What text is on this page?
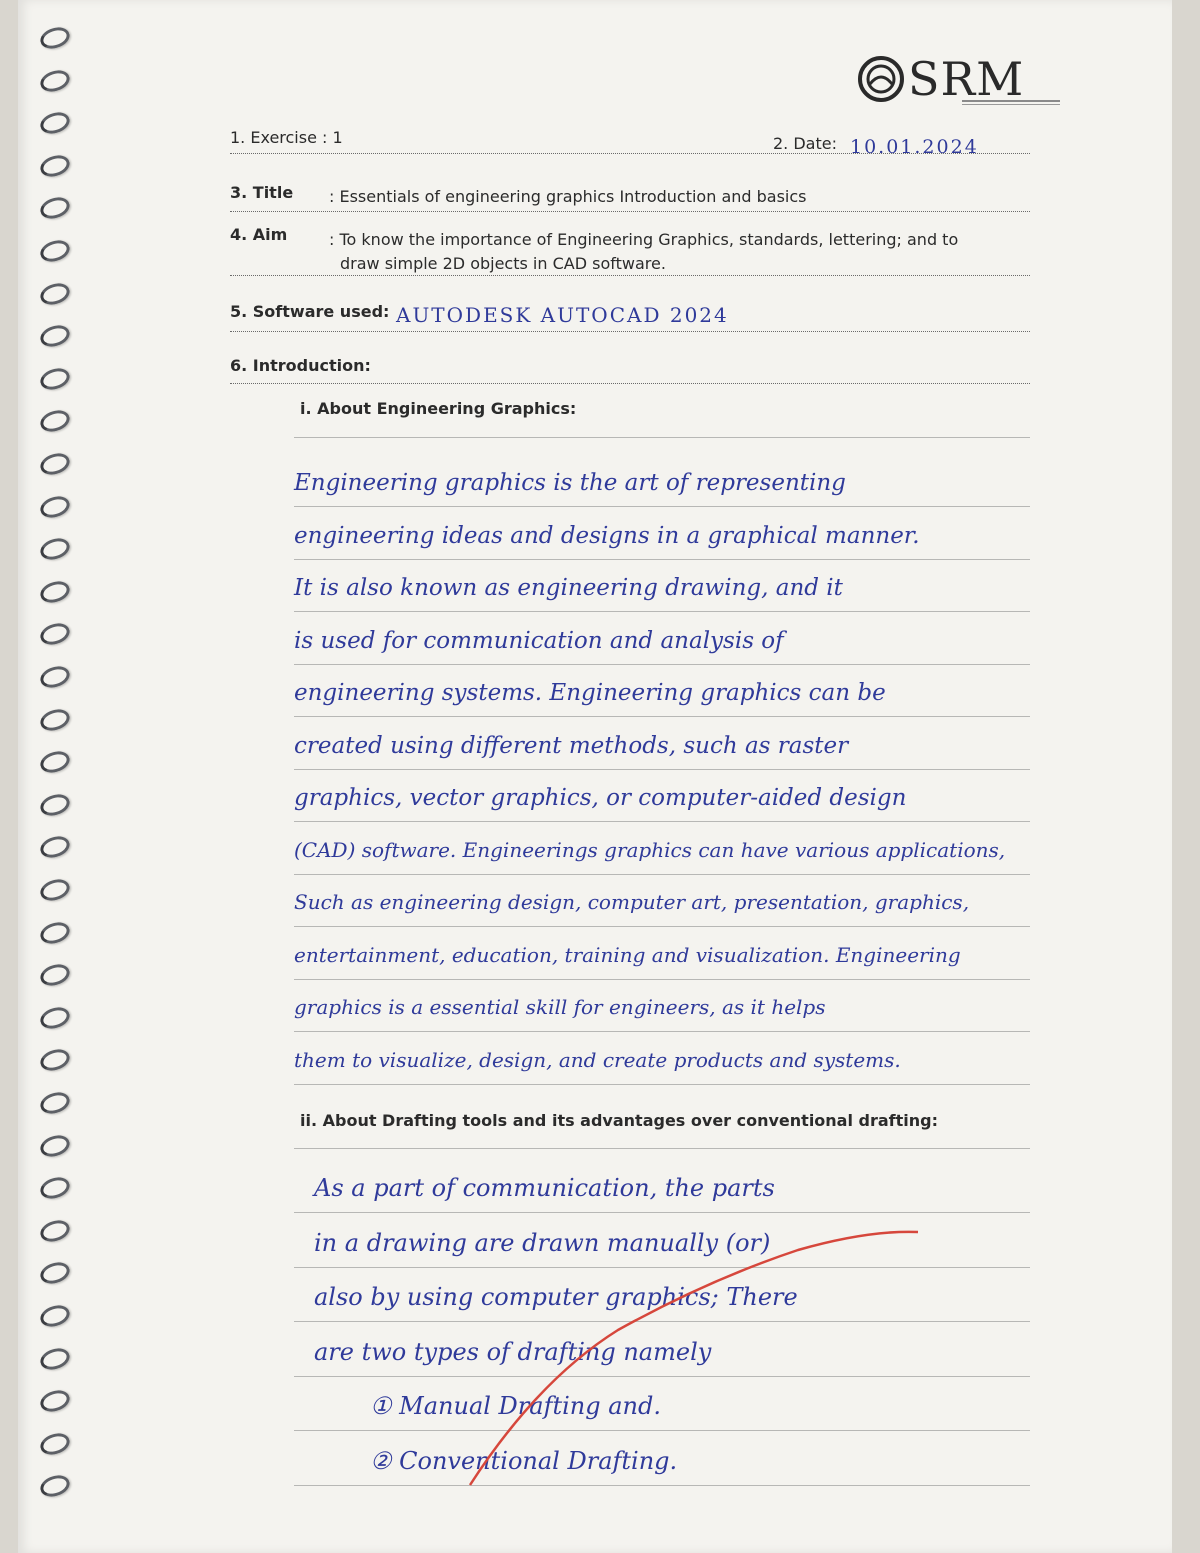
SRM
1. Exercise : 1	2. Date: 10.01.2024
3. Title : Essentials of engineering graphics Introduction and basics
4. Aim	: To know the importance of Engineering Graphics, standards, lettering; and to
draw simple 2D objects in CAD software.
5. Software used: AUTODESK AUTOCAD 2024
6. Introduction:
i. About Engineering Graphics:
Engineering graphics is the art of representing
engineering ideas and designs in a graphical manner.
It is also known as engineering drawing, and it
is used for communication and analysis of
engineering systems. Engineering graphics can be
created using different methods, such as raster
graphics, vector graphics, or computer-aided design
(CAD) software. Engineerings graphics can have various applications,
Such as engineering design, computer art, presentation, graphics,
entertainment, education, training and visualization. Engineering
graphics is a essential skill for engineers, as it helps
them to visualize, design, and create products and systems.
ii. About Drafting tools and its advantages over conventional drafting:
As a part of communication, the parts
in a drawing are drawn manually (or)
also by using computer graphics; There
are two types of drafting namely
① Manual Drafting and.
② Conventional Drafting.
